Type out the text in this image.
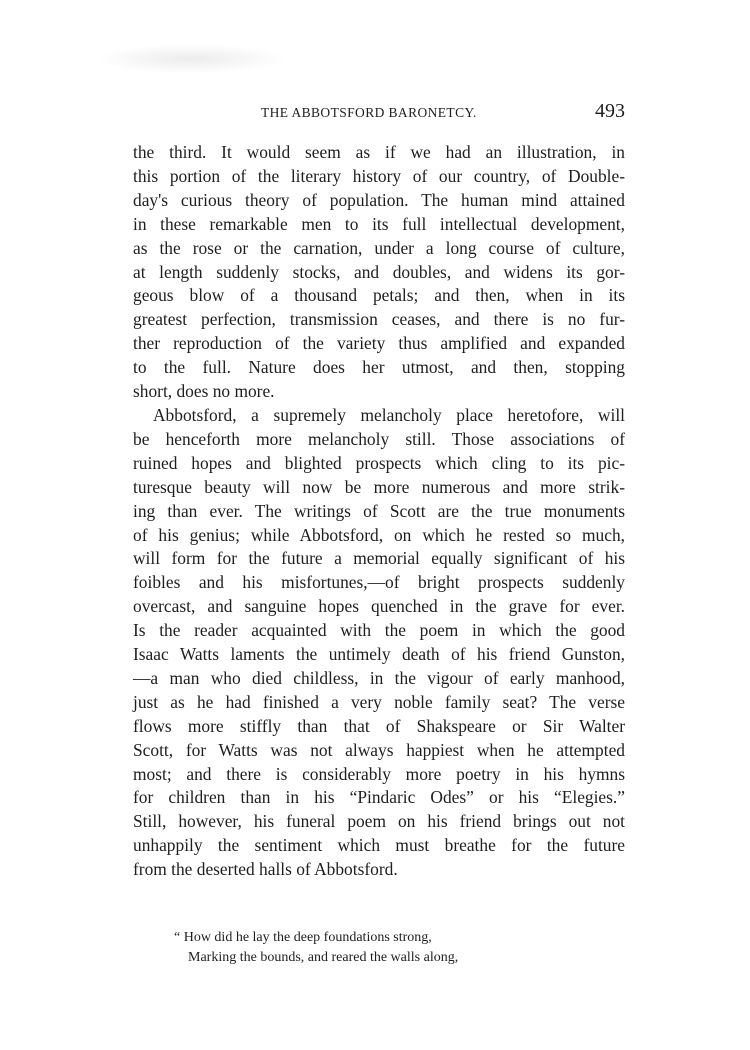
THE ABBOTSFORD BARONETCY.	493

the third. It would seem as if we had an illustration, in
this portion of the literary history of our country, of Double-
day's curious theory of population. The human mind attained
in these remarkable men to its full intellectual development,
as the rose or the carnation, under a long course of culture,
at length suddenly stocks, and doubles, and widens its gor-
geous blow of a thousand petals; and then, when in its
greatest perfection, transmission ceases, and there is no fur-
ther reproduction of the variety thus amplified and expanded
to the full. Nature does her utmost, and then, stopping
short, does no more.

Abbotsford, a supremely melancholy place heretofore, will
be henceforth more melancholy still. Those associations of
ruined hopes and blighted prospects which cling to its pic-
turesque beauty will now be more numerous and more strik-
ing than ever. The writings of Scott are the true monuments
of his genius; while Abbotsford, on which he rested so much,
will form for the future a memorial equally significant of his
foibles and his misfortunes,—of bright prospects suddenly
overcast, and sanguine hopes quenched in the grave for ever.
Is the reader acquainted with the poem in which the good
Isaac Watts laments the untimely death of his friend Gunston,
—a man who died childless, in the vigour of early manhood,
just as he had finished a very noble family seat? The verse
flows more stiffly than that of Shakspeare or Sir Walter
Scott, for Watts was not always happiest when he attempted
most; and there is considerably more poetry in his hymns
for children than in his “Pindaric Odes” or his “Elegies.”
Still, however, his funeral poem on his friend brings out not
unhappily the sentiment which must breathe for the future
from the deserted halls of Abbotsford.

“ How did he lay the deep foundations strong,
Marking the bounds, and reared the walls along,
